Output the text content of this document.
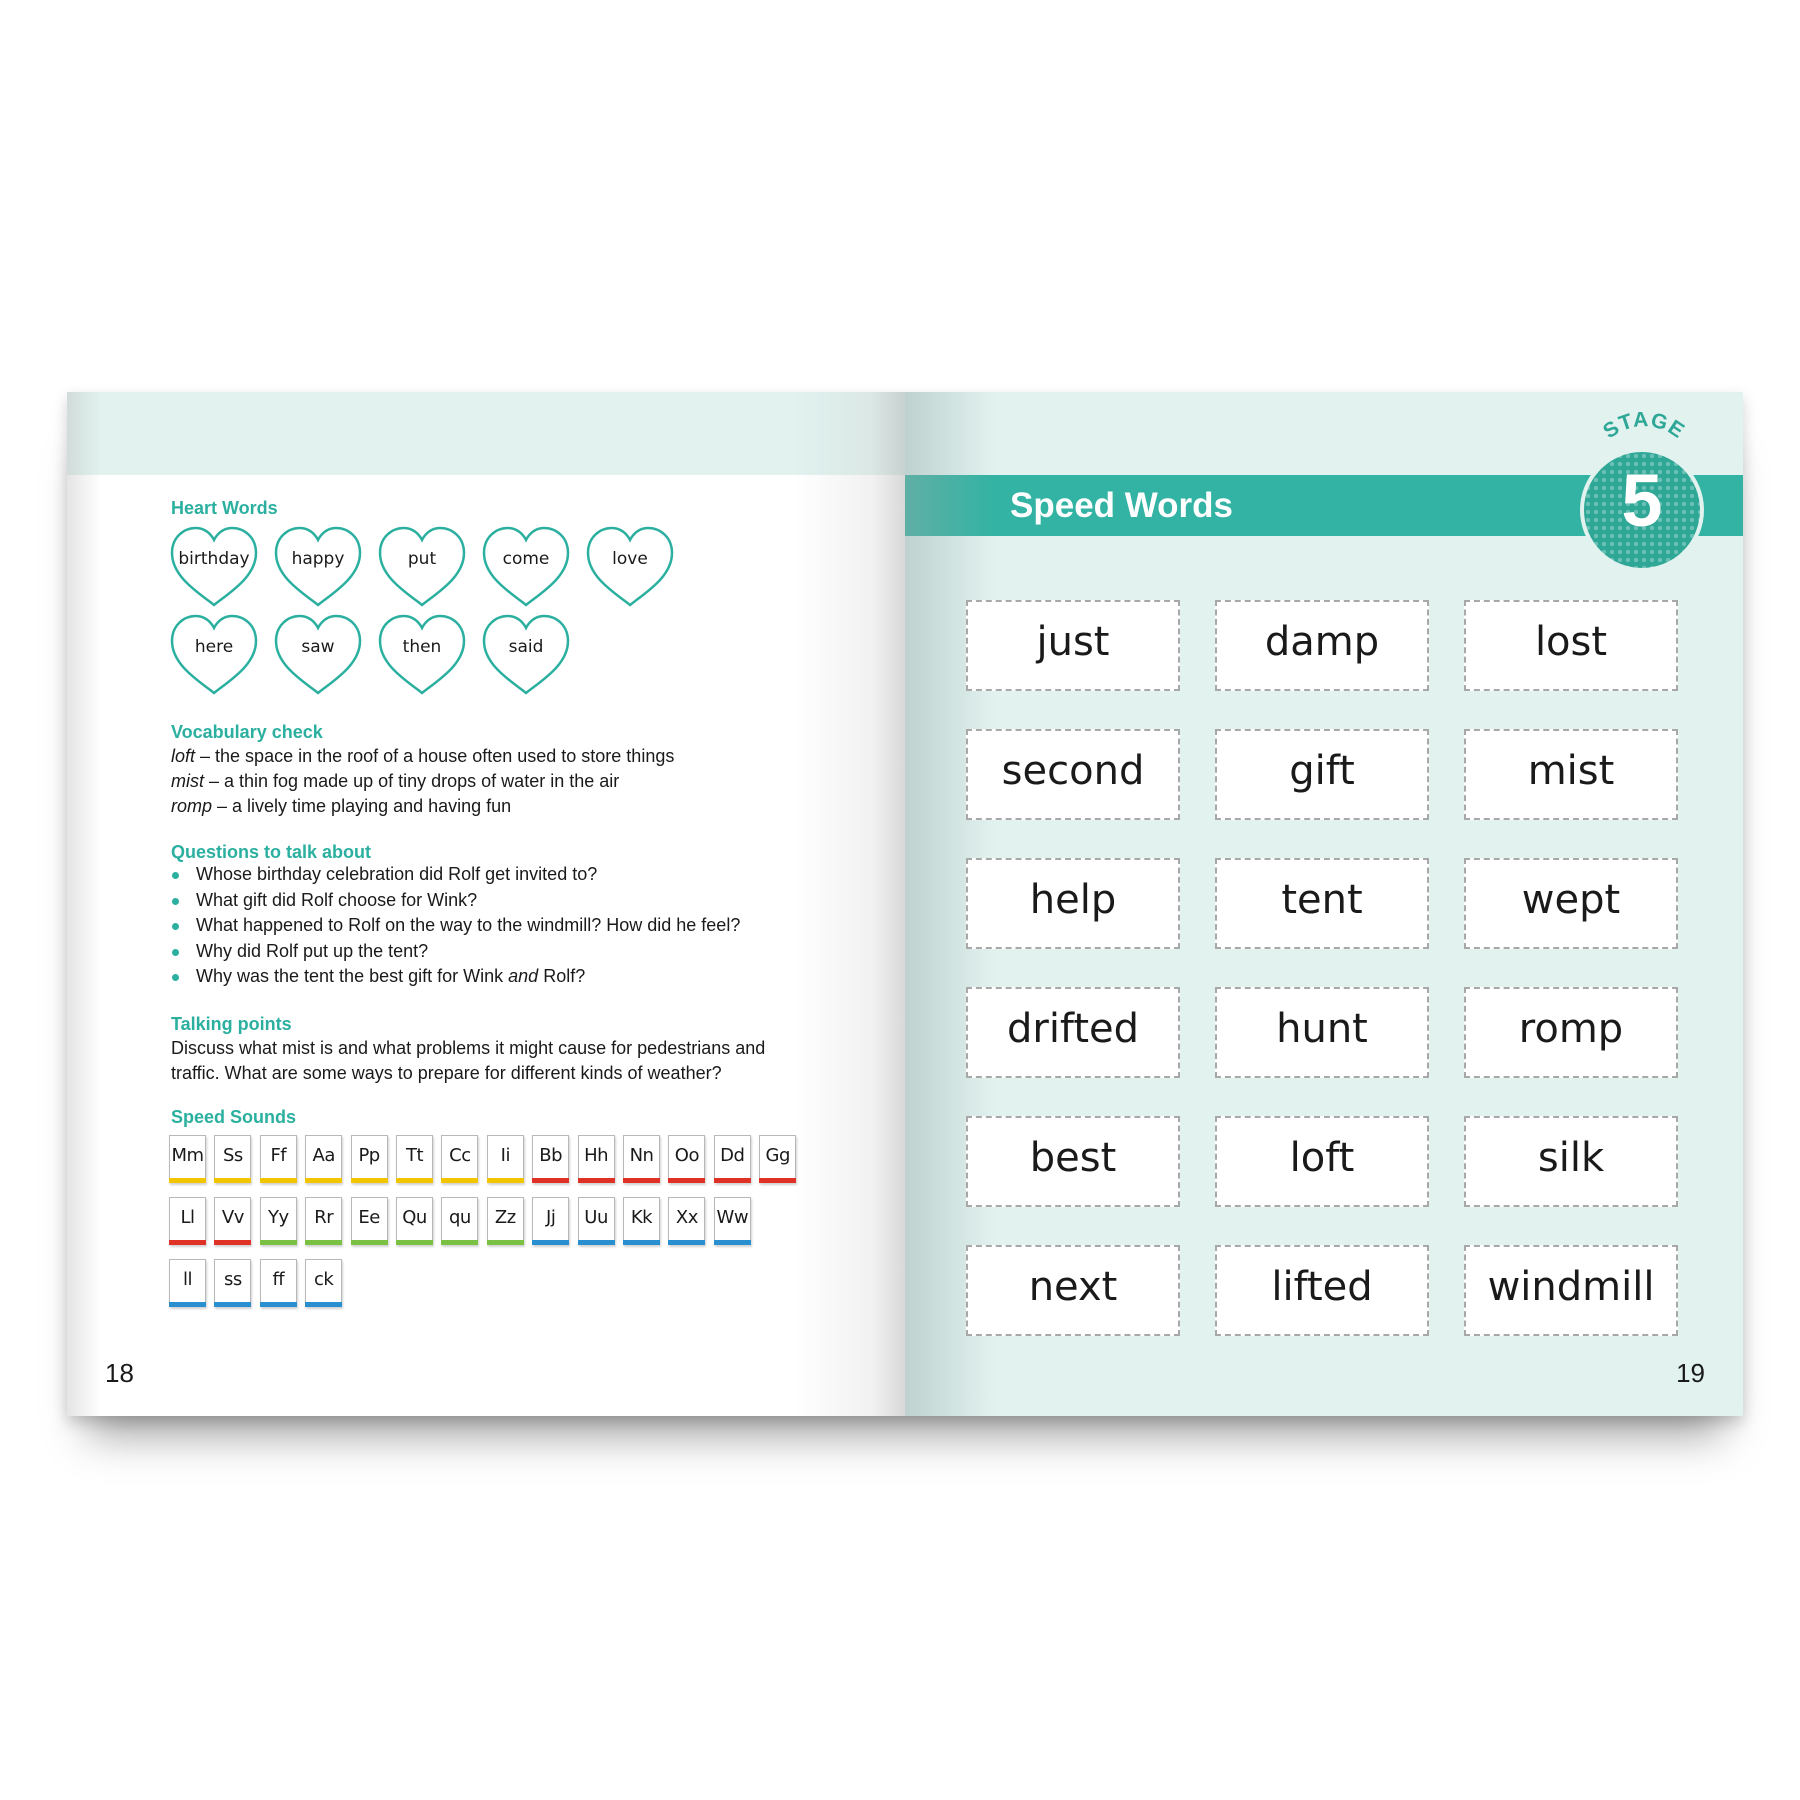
Heart Words
birthday	happy	put	come	love
here	saw	then	said
Vocabulary check
loft – the space in the roof of a house often used to store things
mist – a thin fog made up of tiny drops of water in the air
romp – a lively time playing and having fun
Questions to talk about
Whose birthday celebration did Rolf get invited to?
What gift did Rolf choose for Wink?
What happened to Rolf on the way to the windmill? How did he feel?
Why did Rolf put up the tent?
Why was the tent the best gift for Wink and Rolf?
Talking points
Discuss what mist is and what problems it might cause for pedestrians and
traffic. What are some ways to prepare for different kinds of weather?
Speed Sounds
Mm	Ss	Ff	Aa	Pp	Tt	Cc	Ii	Bb	Hh	Nn	Oo	Dd Gg
Ll	Vv	Yy	Rr	Ee	Qu	qu	Zz	Jj	Uu	Kk	Xx	Ww
ll	ss	ff	ck
18
Speed Words
STAGE
5
just	damp	lost
second	gift	mist
help	tent	wept
drifted	hunt	romp
best	loft	silk
next	lifted	windmill
19
